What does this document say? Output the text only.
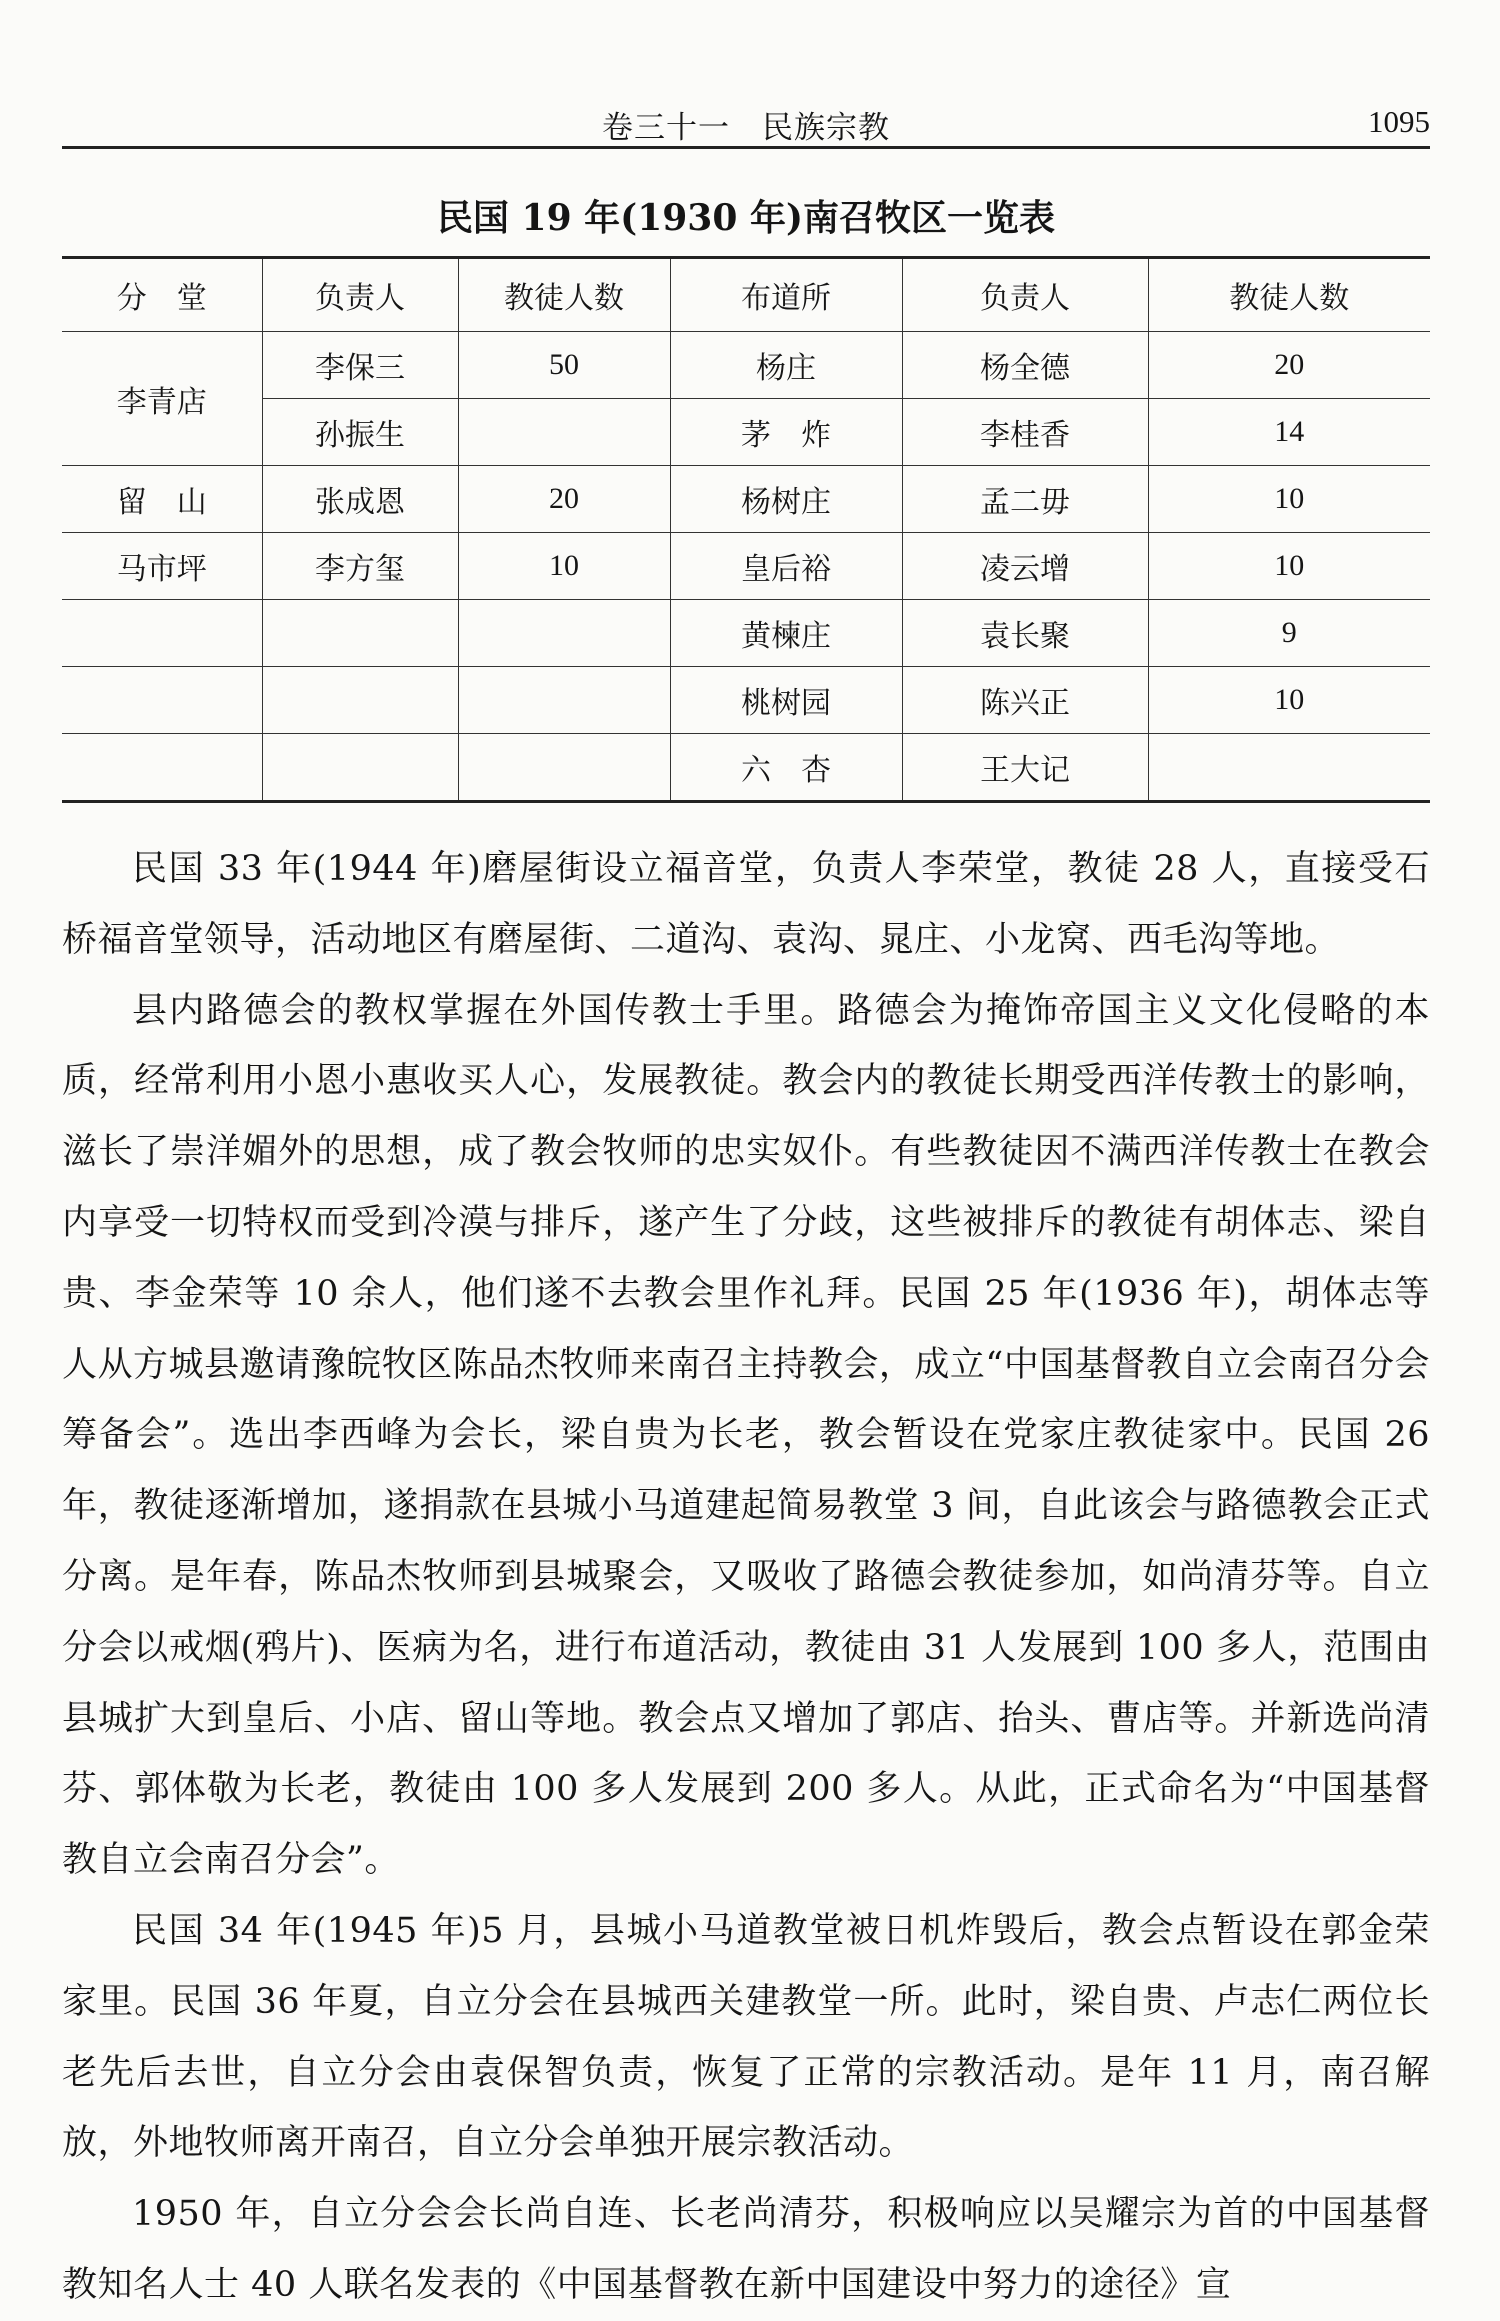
卷三十一　民族宗教	1095
民国 19 年(1930 年)南召牧区一览表
分　堂	负责人	教徒人数	布道所	负责人	教徒人数
李青店	李保三	50	杨庄	杨全德	20
	孙振生		茅　炸	李桂香	14
留　山	张成恩	20	杨树庄	孟二毋	10
马市坪	李方玺	10	皇后裕	凌云增	10
			黄楝庄	袁长聚	9
			桃树园	陈兴正	10
			六　杏	王大记	

民国 33 年(1944 年)磨屋街设立福音堂，负责人李荣堂，教徒 28 人，直接受石桥福音堂领导，活动地区有磨屋街、二道沟、袁沟、晁庄、小龙窝、西毛沟等地。

县内路德会的教权掌握在外国传教士手里。路德会为掩饰帝国主义文化侵略的本质，经常利用小恩小惠收买人心，发展教徒。教会内的教徒长期受西洋传教士的影响，滋长了崇洋媚外的思想，成了教会牧师的忠实奴仆。有些教徒因不满西洋传教士在教会内享受一切特权而受到冷漠与排斥，遂产生了分歧，这些被排斥的教徒有胡体志、梁自贵、李金荣等 10 余人，他们遂不去教会里作礼拜。民国 25 年(1936 年)，胡体志等人从方城县邀请豫皖牧区陈品杰牧师来南召主持教会，成立“中国基督教自立会南召分会筹备会”。选出李西峰为会长，梁自贵为长老，教会暂设在党家庄教徒家中。民国 26 年，教徒逐渐增加，遂捐款在县城小马道建起简易教堂 3 间，自此该会与路德教会正式分离。是年春，陈品杰牧师到县城聚会，又吸收了路德会教徒参加，如尚清芬等。自立分会以戒烟(鸦片)、医病为名，进行布道活动，教徒由 31 人发展到 100 多人，范围由县城扩大到皇后、小店、留山等地。教会点又增加了郭店、抬头、曹店等。并新选尚清芬、郭体敬为长老，教徒由 100 多人发展到 200 多人。从此，正式命名为“中国基督教自立会南召分会”。

民国 34 年(1945 年)5 月，县城小马道教堂被日机炸毁后，教会点暂设在郭金荣家里。民国 36 年夏，自立分会在县城西关建教堂一所。此时，梁自贵、卢志仁两位长老先后去世，自立分会由袁保智负责，恢复了正常的宗教活动。是年 11 月，南召解放，外地牧师离开南召，自立分会单独开展宗教活动。

1950 年，自立分会会长尚自连、长老尚清芬，积极响应以吴耀宗为首的中国基督教知名人士 40 人联名发表的《中国基督教在新中国建设中努力的途径》宣
